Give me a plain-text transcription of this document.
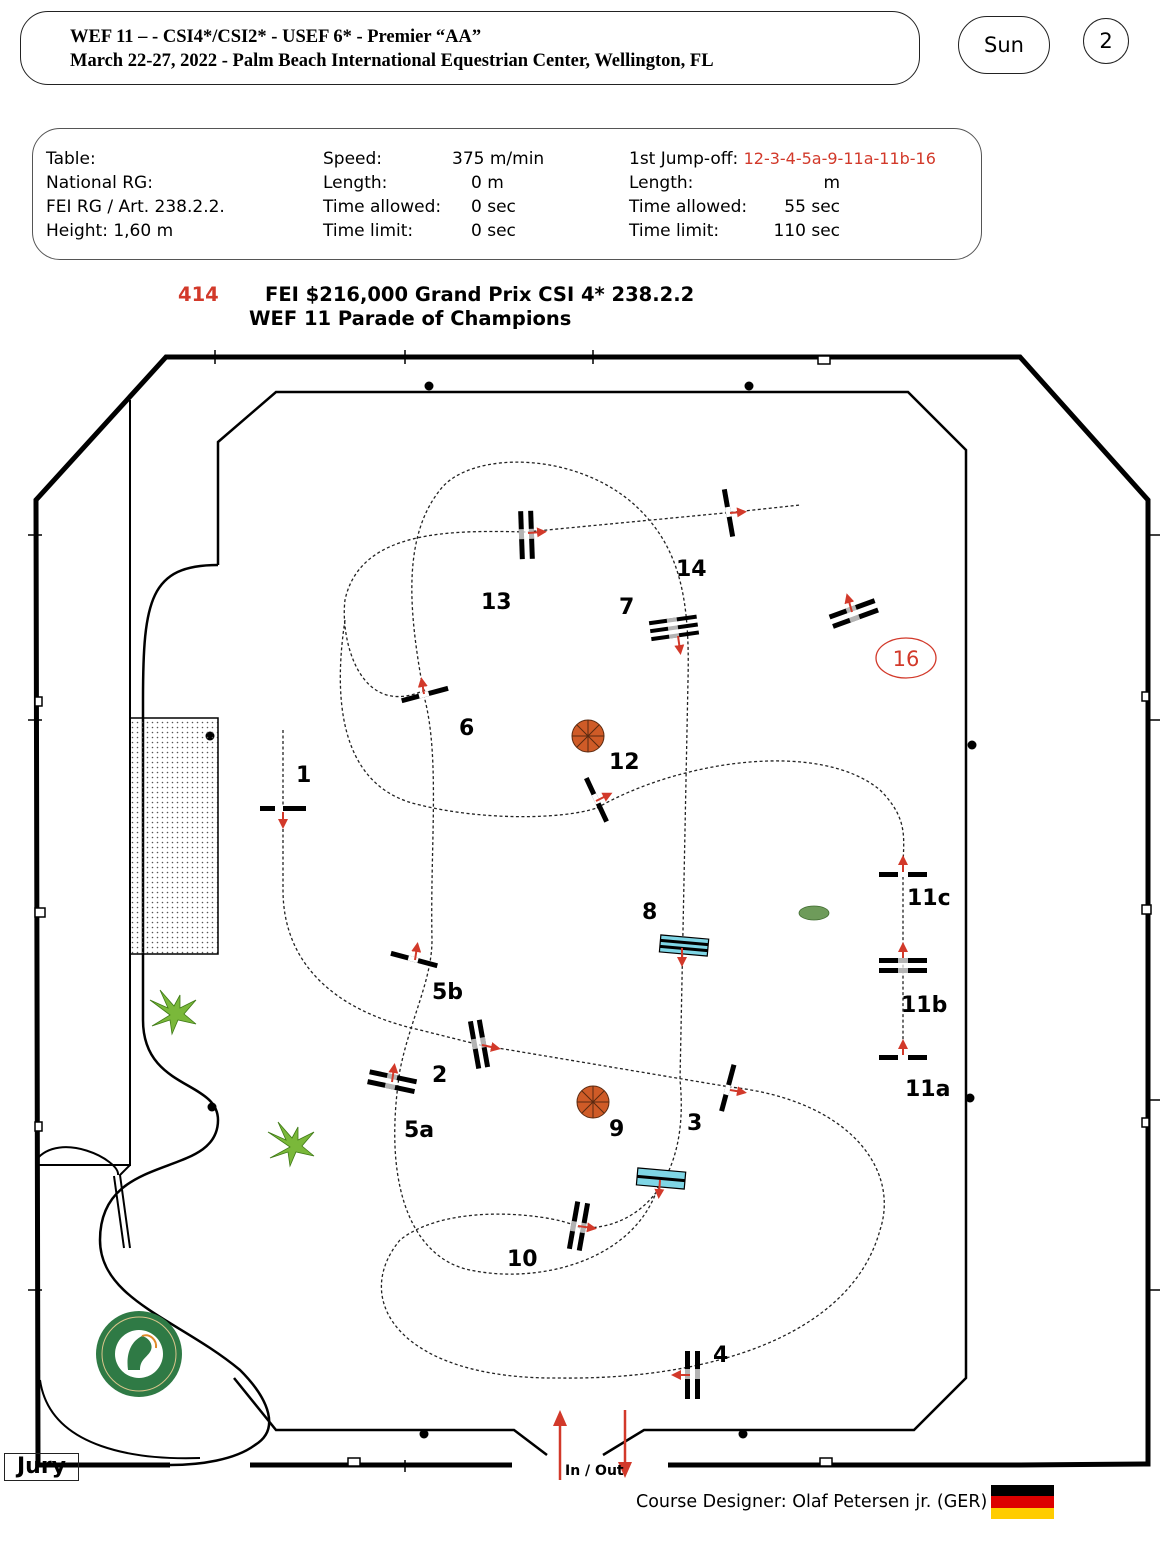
WEF 11 – - CSI4*/CSI2* - USEF 6* - Premier “AA”
March 22-27, 2022 - Palm Beach International Equestrian Center, Wellington, FL
Sun	2
Table:
National RG:
FEI RG / Art. 238.2.2.
Height: 1,60 m
Speed:
Length:
Time allowed:
Time limit:
375 m/min
0 m
0 sec
0 sec
1st Jump-off: 12-3-4-5a-9-11a-11b-16
Length:
Time allowed:
Time limit:
m
55 sec
110 sec
414 FEI $216,000 Grand Prix CSI 4* 238.2.2
WEF 11 Parade of Champions
1
2
3
4
5a
5b
6
7
8
9
10
11a
11b
11c
12
13
14
16
In / Out
Jury
Course Designer: Olaf Petersen jr. (GER)
